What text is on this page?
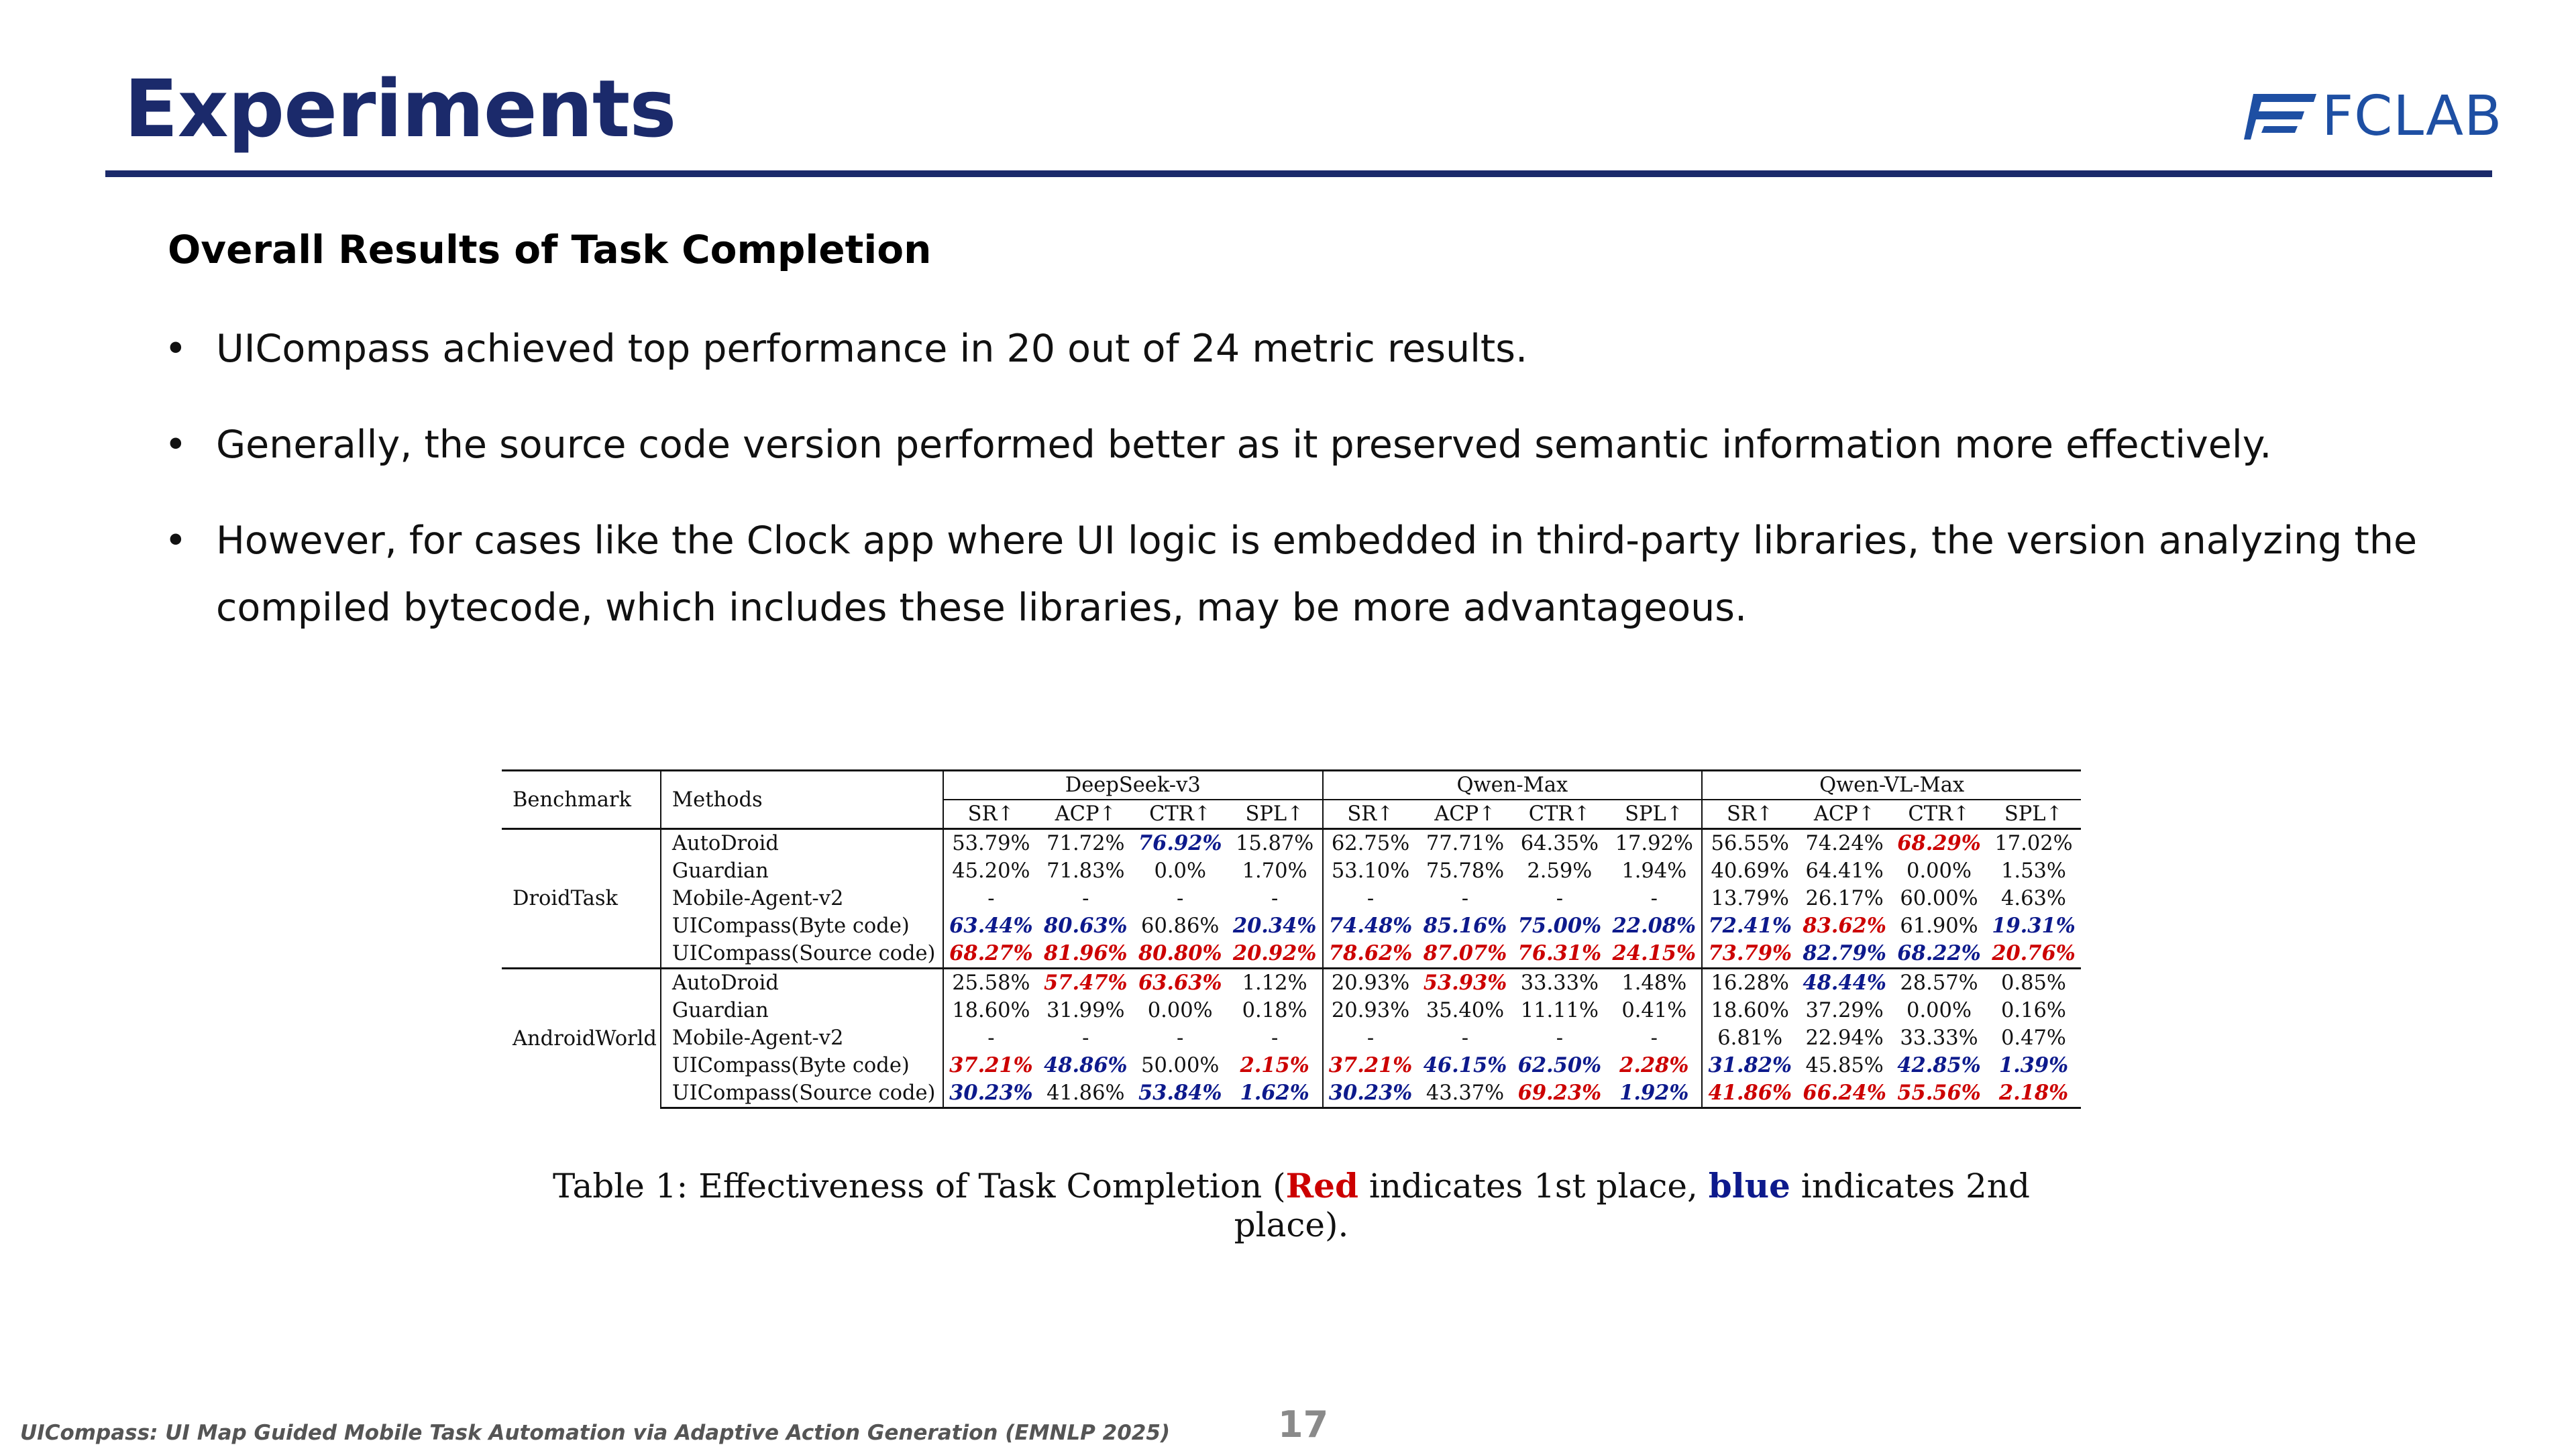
Experiments	FCLAB
Overall Results of Task Completion
• UICompass achieved top performance in 20 out of 24 metric results.
• Generally, the source code version performed better as it preserved semantic information more effectively.
• However, for cases like the Clock app where UI logic is embedded in third-party libraries, the version analyzing the compiled bytecode, which includes these libraries, may be more advantageous.
Benchmark	Methods	DeepSeek-v3				Qwen-Max				Qwen-VL-Max			
		SR↑	ACP↑	CTR↑	SPL↑	SR↑	ACP↑	CTR↑	SPL↑	SR↑	ACP↑	CTR↑	SPL↑
DroidTask	AutoDroid	53.79%	71.72%	76.92%	15.87%	62.75%	77.71%	64.35%	17.92%	56.55%	74.24%	68.29%	17.02%
	Guardian	45.20%	71.83%	0.0%	1.70%	53.10%	75.78%	2.59%	1.94%	40.69%	64.41%	0.00%	1.53%
	Mobile-Agent-v2	-	-	-	-	-	-	-	-	13.79%	26.17%	60.00%	4.63%
	UICompass(Byte code)	63.44%	80.63%	60.86%	20.34%	74.48%	85.16%	75.00%	22.08%	72.41%	83.62%	61.90%	19.31%
	UICompass(Source code)	68.27%	81.96%	80.80%	20.92%	78.62%	87.07%	76.31%	24.15%	73.79%	82.79%	68.22%	20.76%
AndroidWorld	AutoDroid	25.58%	57.47%	63.63%	1.12%	20.93%	53.93%	33.33%	1.48%	16.28%	48.44%	28.57%	0.85%
	Guardian	18.60%	31.99%	0.00%	0.18%	20.93%	35.40%	11.11%	0.41%	18.60%	37.29%	0.00%	0.16%
	Mobile-Agent-v2	-	-	-	-	-	-	-	-	6.81%	22.94%	33.33%	0.47%
	UICompass(Byte code)	37.21%	48.86%	50.00%	2.15%	37.21%	46.15%	62.50%	2.28%	31.82%	45.85%	42.85%	1.39%
	UICompass(Source code)	30.23%	41.86%	53.84%	1.62%	30.23%	43.37%	69.23%	1.92%	41.86%	66.24%	55.56%	2.18%
Table 1: Effectiveness of Task Completion (Red indicates 1st place, blue indicates 2nd place).
UICompass: UI Map Guided Mobile Task Automation via Adaptive Action Generation (EMNLP 2025)	17
